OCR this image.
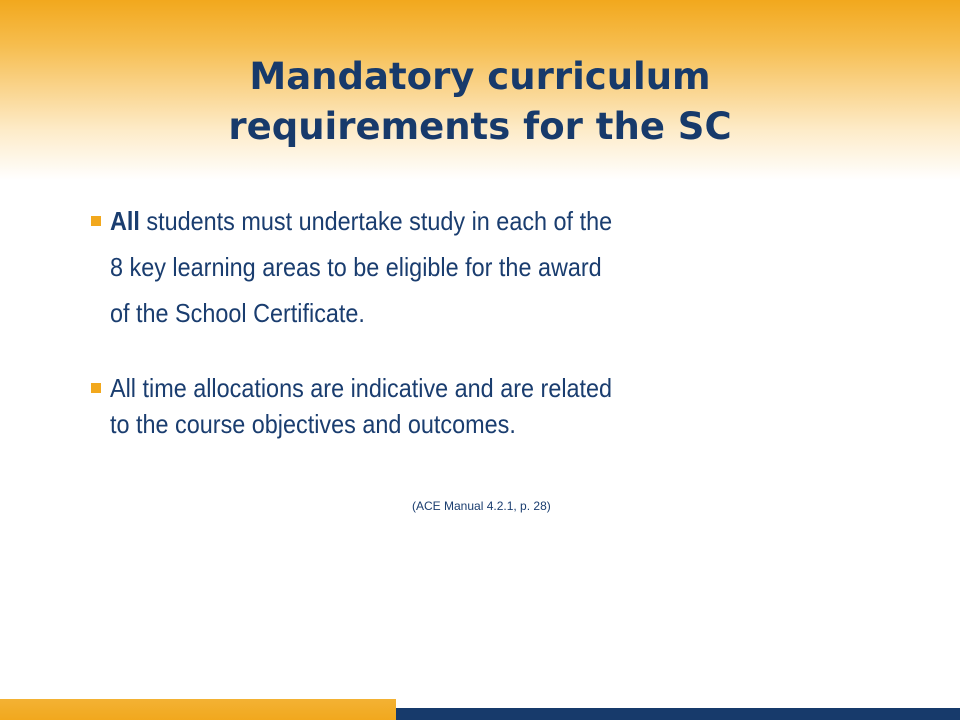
Mandatory curriculum
requirements for the SC
All students must undertake study in each of the
8 key learning areas to be eligible for the award
of the School Certificate.
All time allocations are indicative and are related
to the course objectives and outcomes.
(ACE Manual 4.2.1, p. 28)
